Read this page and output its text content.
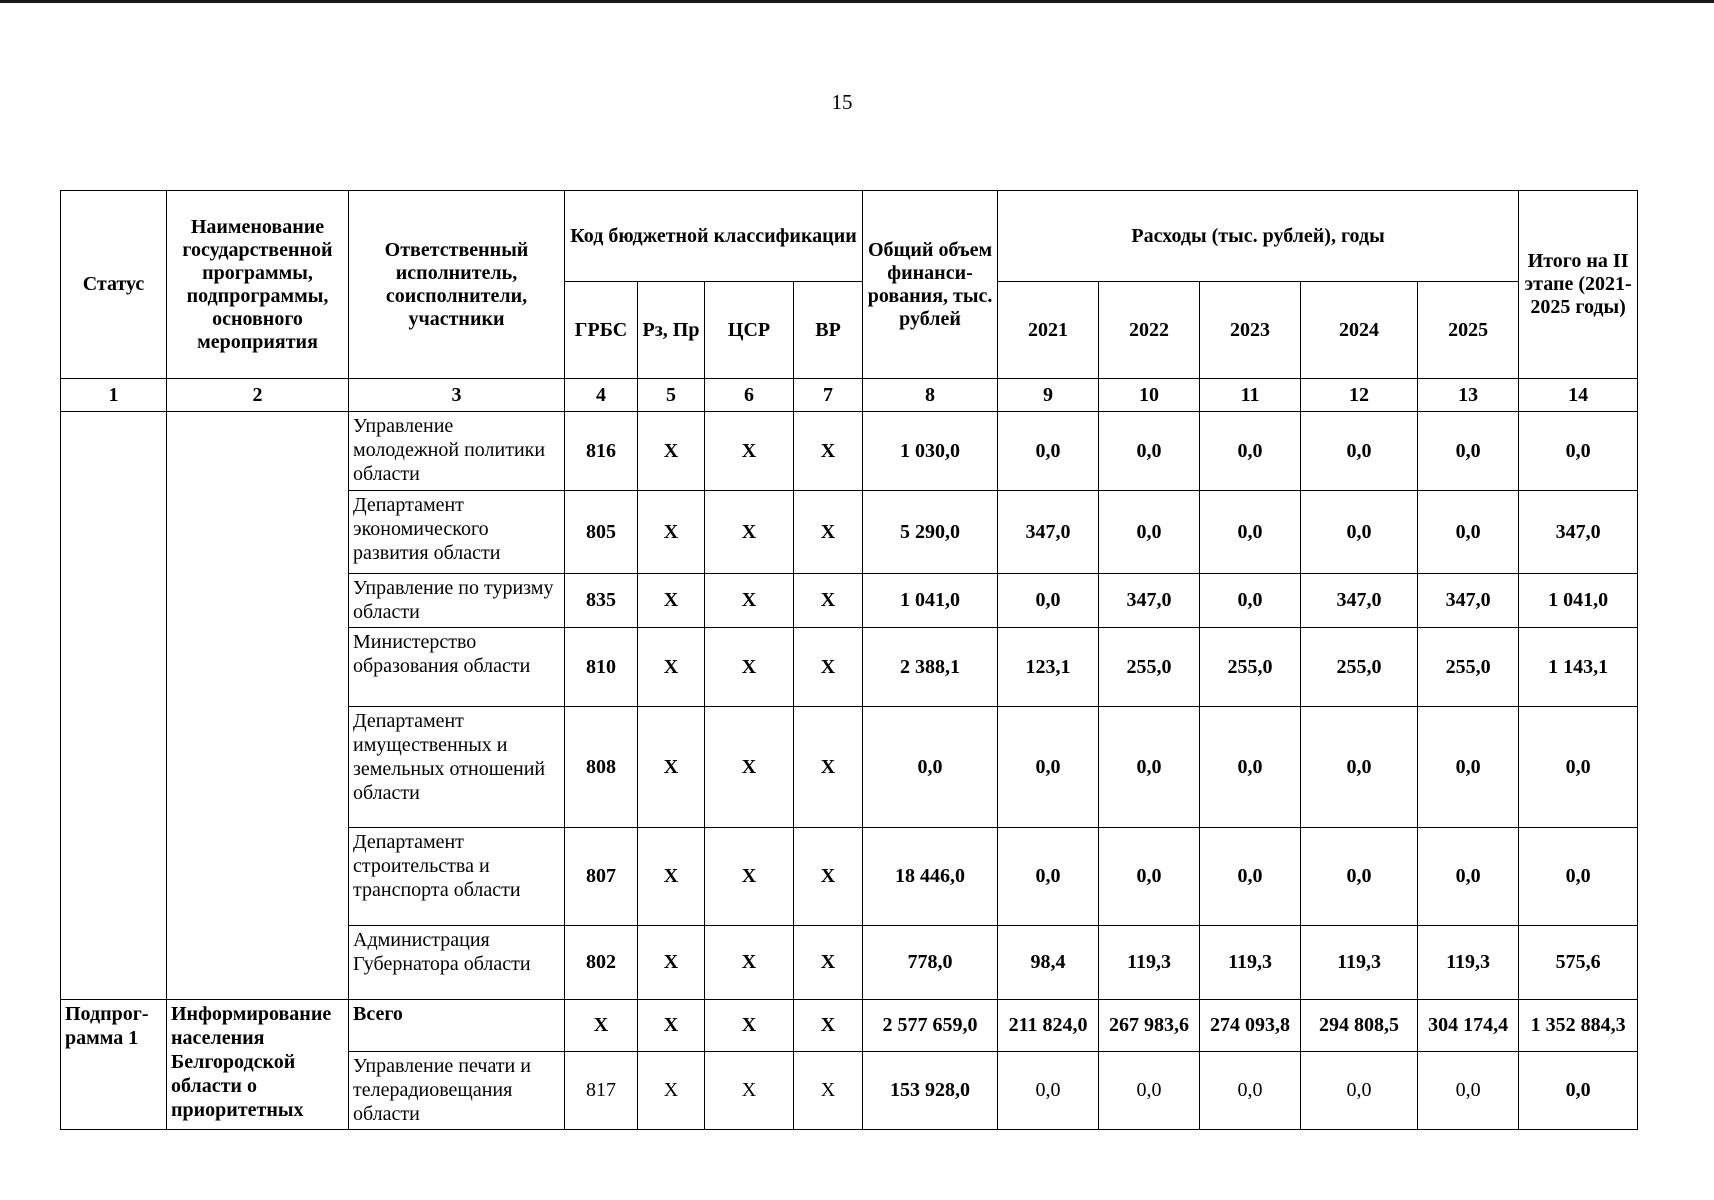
15
Статус	Наименование государственной программы, подпрограммы, основного мероприятия	Ответственный исполнитель, соисполнители, участники	Код бюджетной классификации				Общий объем финанси-рования, тыс. рублей	Расходы (тыс. рублей), годы					Итого на II этапе (2021-2025 годы)
			ГРБС	Рз, Пр	ЦСР	ВР		2021	2022	2023	2024	2025	
1	2	3	4	5	6	7	8	9	10	11	12	13	14
		Управление молодежной политики области	816	Х	Х	Х	1 030,0	0,0	0,0	0,0	0,0	0,0	0,0
		Департамент экономического развития области	805	Х	Х	Х	5 290,0	347,0	0,0	0,0	0,0	0,0	347,0
		Управление по туризму области	835	Х	Х	Х	1 041,0	0,0	347,0	0,0	347,0	347,0	1 041,0
		Министерство образования области	810	Х	Х	Х	2 388,1	123,1	255,0	255,0	255,0	255,0	1 143,1
		Департамент имущественных и земельных отношений области	808	Х	Х	Х	0,0	0,0	0,0	0,0	0,0	0,0	0,0
		Департамент строительства и транспорта области	807	Х	Х	Х	18 446,0	0,0	0,0	0,0	0,0	0,0	0,0
		Администрация Губернатора области	802	Х	Х	Х	778,0	98,4	119,3	119,3	119,3	119,3	575,6
Подпрог-рамма 1	Информирование населения Белгородской области о приоритетных	Всего	Х	Х	Х	Х	2 577 659,0	211 824,0	267 983,6	274 093,8	294 808,5	304 174,4	1 352 884,3
		Управление печати и телерадиовещания области	817	Х	Х	Х	153 928,0	0,0	0,0	0,0	0,0	0,0	0,0
